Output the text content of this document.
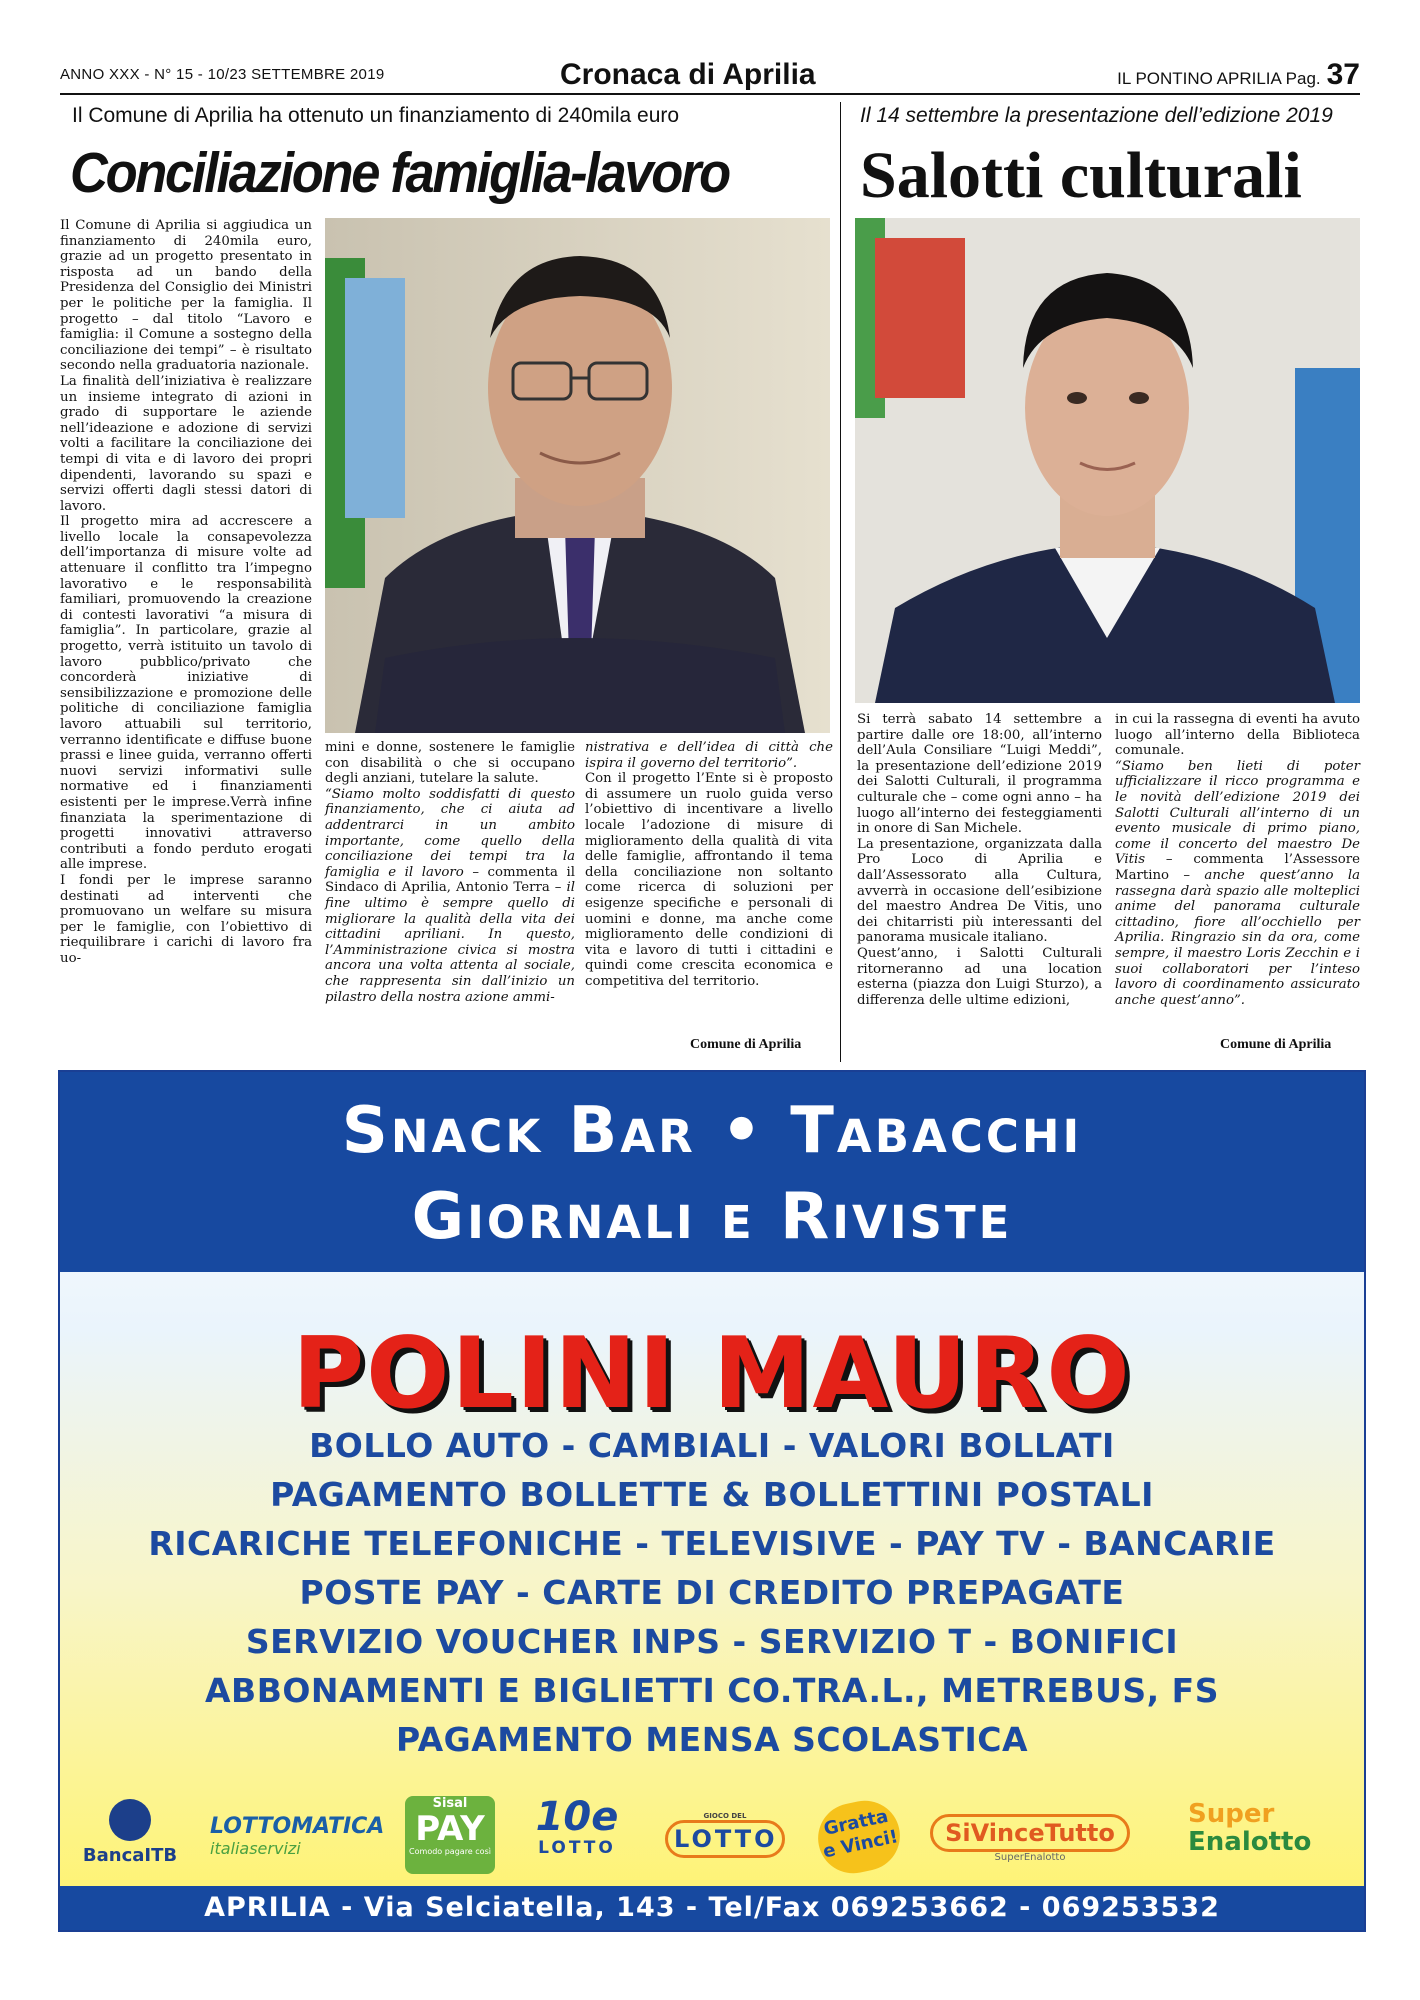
ANNO XXX - N° 15 - 10/23 SETTEMBRE 2019	Cronaca di Aprilia	IL PONTINO APRILIA Pag. 37
Il Comune di Aprilia ha ottenuto un finanziamento di 240mila euro
Conciliazione famiglia-lavoro

Il Comune di Aprilia si aggiudica un finanziamento di 240mila euro, grazie ad un progetto presentato in risposta ad un bando della Presidenza del Consiglio dei Ministri per le politiche per la famiglia. Il progetto – dal titolo “Lavoro e famiglia: il Comune a sostegno della conciliazione dei tempi” – è risultato secondo nella graduatoria nazionale.

La finalità dell’iniziativa è realizzare un insieme integrato di azioni in grado di supportare le aziende nell’ideazione e adozione di servizi volti a facilitare la conciliazione dei tempi di vita e di lavoro dei propri dipendenti, lavorando su spazi e servizi offerti dagli stessi datori di lavoro.

Il progetto mira ad accrescere a livello locale la consapevolezza dell’importanza di misure volte ad attenuare il conflitto tra l’impegno lavorativo e le responsabilità familiari, promuovendo la creazione di contesti lavorativi “a misura di famiglia”. In particolare, grazie al progetto, verrà istituito un tavolo di lavoro pubblico/privato che concorderà iniziative di sensibilizzazione e promozione delle politiche di conciliazione famiglia lavoro attuabili sul territorio, verranno identificate e diffuse buone prassi e linee guida, verranno offerti nuovi servizi informativi sulle normative ed i finanziamenti esistenti per le imprese.Verrà infine finanziata la sperimentazione di progetti innovativi attraverso contributi a fondo perduto erogati alle imprese.

I fondi per le imprese saranno destinati ad interventi che promuovano un welfare su misura per le famiglie, con l’obiettivo di riequilibrare i carichi di lavoro fra uo-

mini e donne, sostenere le famiglie con disabilità o che si occupano degli anziani, tutelare la salute.

“Siamo molto soddisfatti di questo finanziamento, che ci aiuta ad addentrarci in un ambito importante, come quello della conciliazione dei tempi tra la famiglia e il lavoro – commenta il Sindaco di Aprilia, Antonio Terra – il fine ultimo è sempre quello di migliorare la qualità della vita dei cittadini apriliani. In questo, l’Amministrazione civica si mostra ancora una volta attenta al sociale, che rappresenta sin dall’inizio un pilastro della nostra azione ammi-

nistrativa e dell’idea di città che ispira il governo del territorio”.

Con il progetto l’Ente si è proposto di assumere un ruolo guida verso l’obiettivo di incentivare a livello locale l’adozione di misure di miglioramento della qualità di vita delle famiglie, affrontando il tema della conciliazione non soltanto come ricerca di soluzioni per esigenze specifiche e personali di uomini e donne, ma anche come miglioramento delle condizioni di vita e lavoro di tutti i cittadini e quindi come crescita economica e competitiva del territorio.

Comune di Aprilia
Il 14 settembre la presentazione dell’edizione 2019
Salotti culturali

Si terrà sabato 14 settembre a partire dalle ore 18:00, all’interno dell’Aula Consiliare “Luigi Meddi”, la presentazione dell’edizione 2019 dei Salotti Culturali, il programma culturale che – come ogni anno – ha luogo all’interno dei festeggiamenti in onore di San Michele.

La presentazione, organizzata dalla Pro Loco di Aprilia e dall’Assessorato alla Cultura, avverrà in occasione dell’esibizione del maestro Andrea De Vitis, uno dei chitarristi più interessanti del panorama musicale italiano.

Quest’anno, i Salotti Culturali ritorneranno ad una location esterna (piazza don Luigi Sturzo), a differenza delle ultime edizioni,

in cui la rassegna di eventi ha avuto luogo all’interno della Biblioteca comunale.

“Siamo ben lieti di poter ufficializzare il ricco programma e le novità dell’edizione 2019 dei Salotti Culturali all’interno di un evento musicale di primo piano, come il concerto del maestro De Vitis – commenta l’Assessore Martino – anche quest’anno la rassegna darà spazio alle molteplici anime del panorama culturale cittadino, fiore all’occhiello per Aprilia. Ringrazio sin da ora, come sempre, il maestro Loris Zecchin e i suoi collaboratori per l’inteso lavoro di coordinamento assicurato anche quest’anno”.

Comune di Aprilia
Snack Bar • Tabacchi
Giornali e Riviste
POLINI MAURO
BOLLO AUTO - CAMBIALI - VALORI BOLLATI
PAGAMENTO BOLLETTE & BOLLETTINI POSTALI
RICARICHE TELEFONICHE - TELEVISIVE - PAY TV - BANCARIE
POSTE PAY - CARTE DI CREDITO PREPAGATE
SERVIZIO VOUCHER INPS - SERVIZIO T - BONIFICI
ABBONAMENTI E BIGLIETTI CO.TRA.L., METREBUS, FS
PAGAMENTO MENSA SCOLASTICA
BancaITB
LOTTOMATICA
italiaservizi
Sisal
PAY
Comodo pagare così
10e
LOTTO
GIOCO DEL
LOTTO	Gratta e Vinci!	SiVinceTutto
SuperEnalotto
Super
Enalotto
APRILIA - Via Selciatella, 143 - Tel/Fax 069253662 - 069253532
